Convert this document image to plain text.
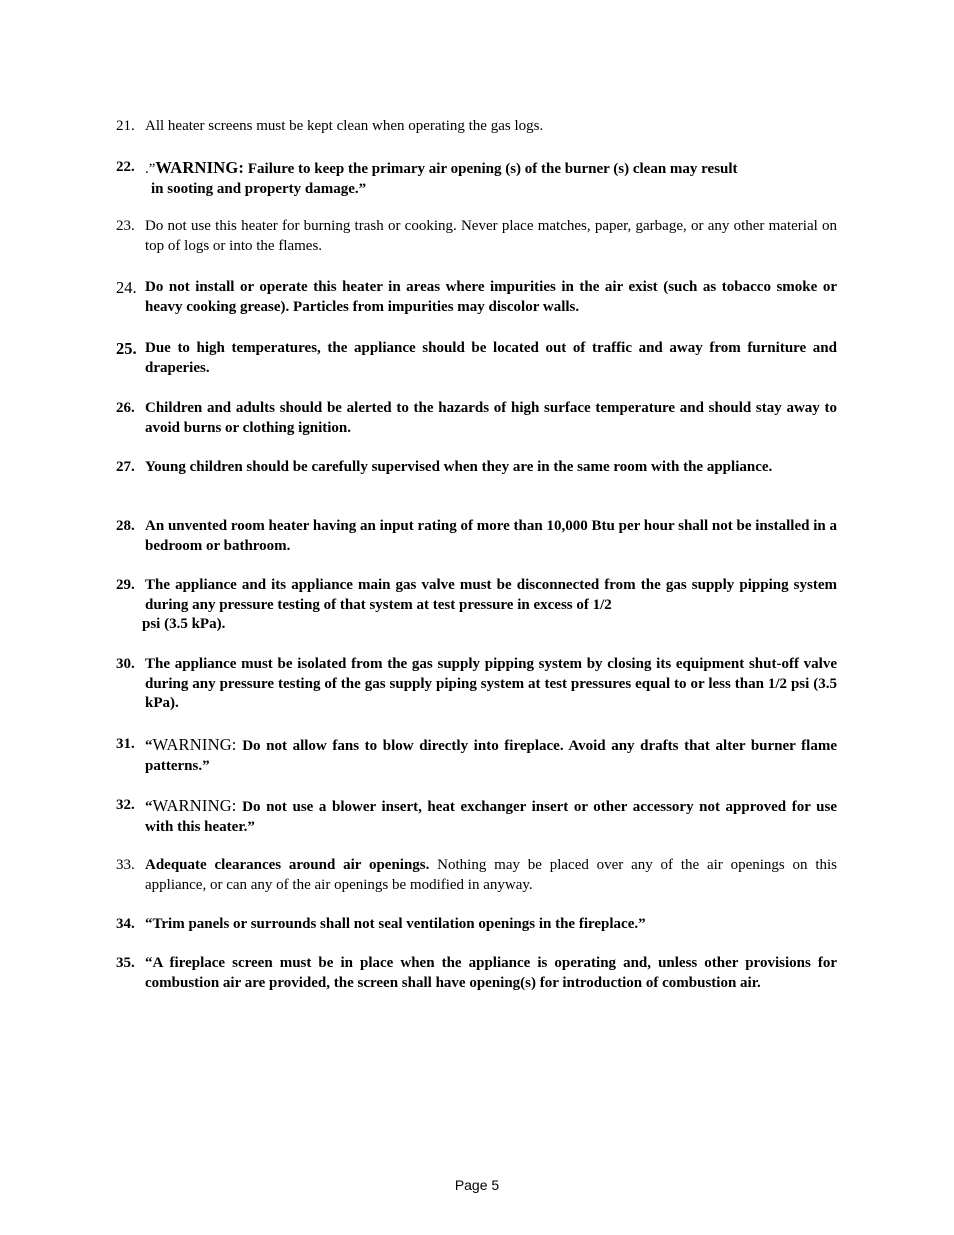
21. All heater screens must be kept clean when operating the gas logs.
22. .”WARNING: Failure to keep the primary air opening (s) of the burner (s) clean may result
in sooting and property damage.”
23. Do not use this heater for burning trash or cooking. Never place matches, paper, garbage, or any other material on top of logs or into the flames.
24. Do not install or operate this heater in areas where impurities in the air exist (such as tobacco smoke or heavy cooking grease). Particles from impurities may discolor walls.
25. Due to high temperatures, the appliance should be located out of traffic and away from furniture and draperies.
26. Children and adults should be alerted to the hazards of high surface temperature and should stay away to avoid burns or clothing ignition.
27. Young children should be carefully supervised when they are in the same room with the appliance.
28. An unvented room heater having an input rating of more than 10,000 Btu per hour shall not be installed in a bedroom or bathroom.
29. The appliance and its appliance main gas valve must be disconnected from the gas supply pipping system during any pressure testing of that system at test pressure in excess of 1/2
psi (3.5 kPa).
30. The appliance must be isolated from the gas supply pipping system by closing its equipment shut-off valve during any pressure testing of the gas supply piping system at test pressures equal to or less than 1/2 psi (3.5 kPa).
31. “WARNING: Do not allow fans to blow directly into fireplace. Avoid any drafts that alter burner flame patterns.”
32. “WARNING: Do not use a blower insert, heat exchanger insert or other accessory not approved for use with this heater.”
33. Adequate clearances around air openings. Nothing may be placed over any of the air openings on this appliance, or can any of the air openings be modified in anyway.
34. “Trim panels or surrounds shall not seal ventilation openings in the fireplace.”
35. “A fireplace screen must be in place when the appliance is operating and, unless other provisions for combustion air are provided, the screen shall have opening(s) for introduction of combustion air.
Page 5
